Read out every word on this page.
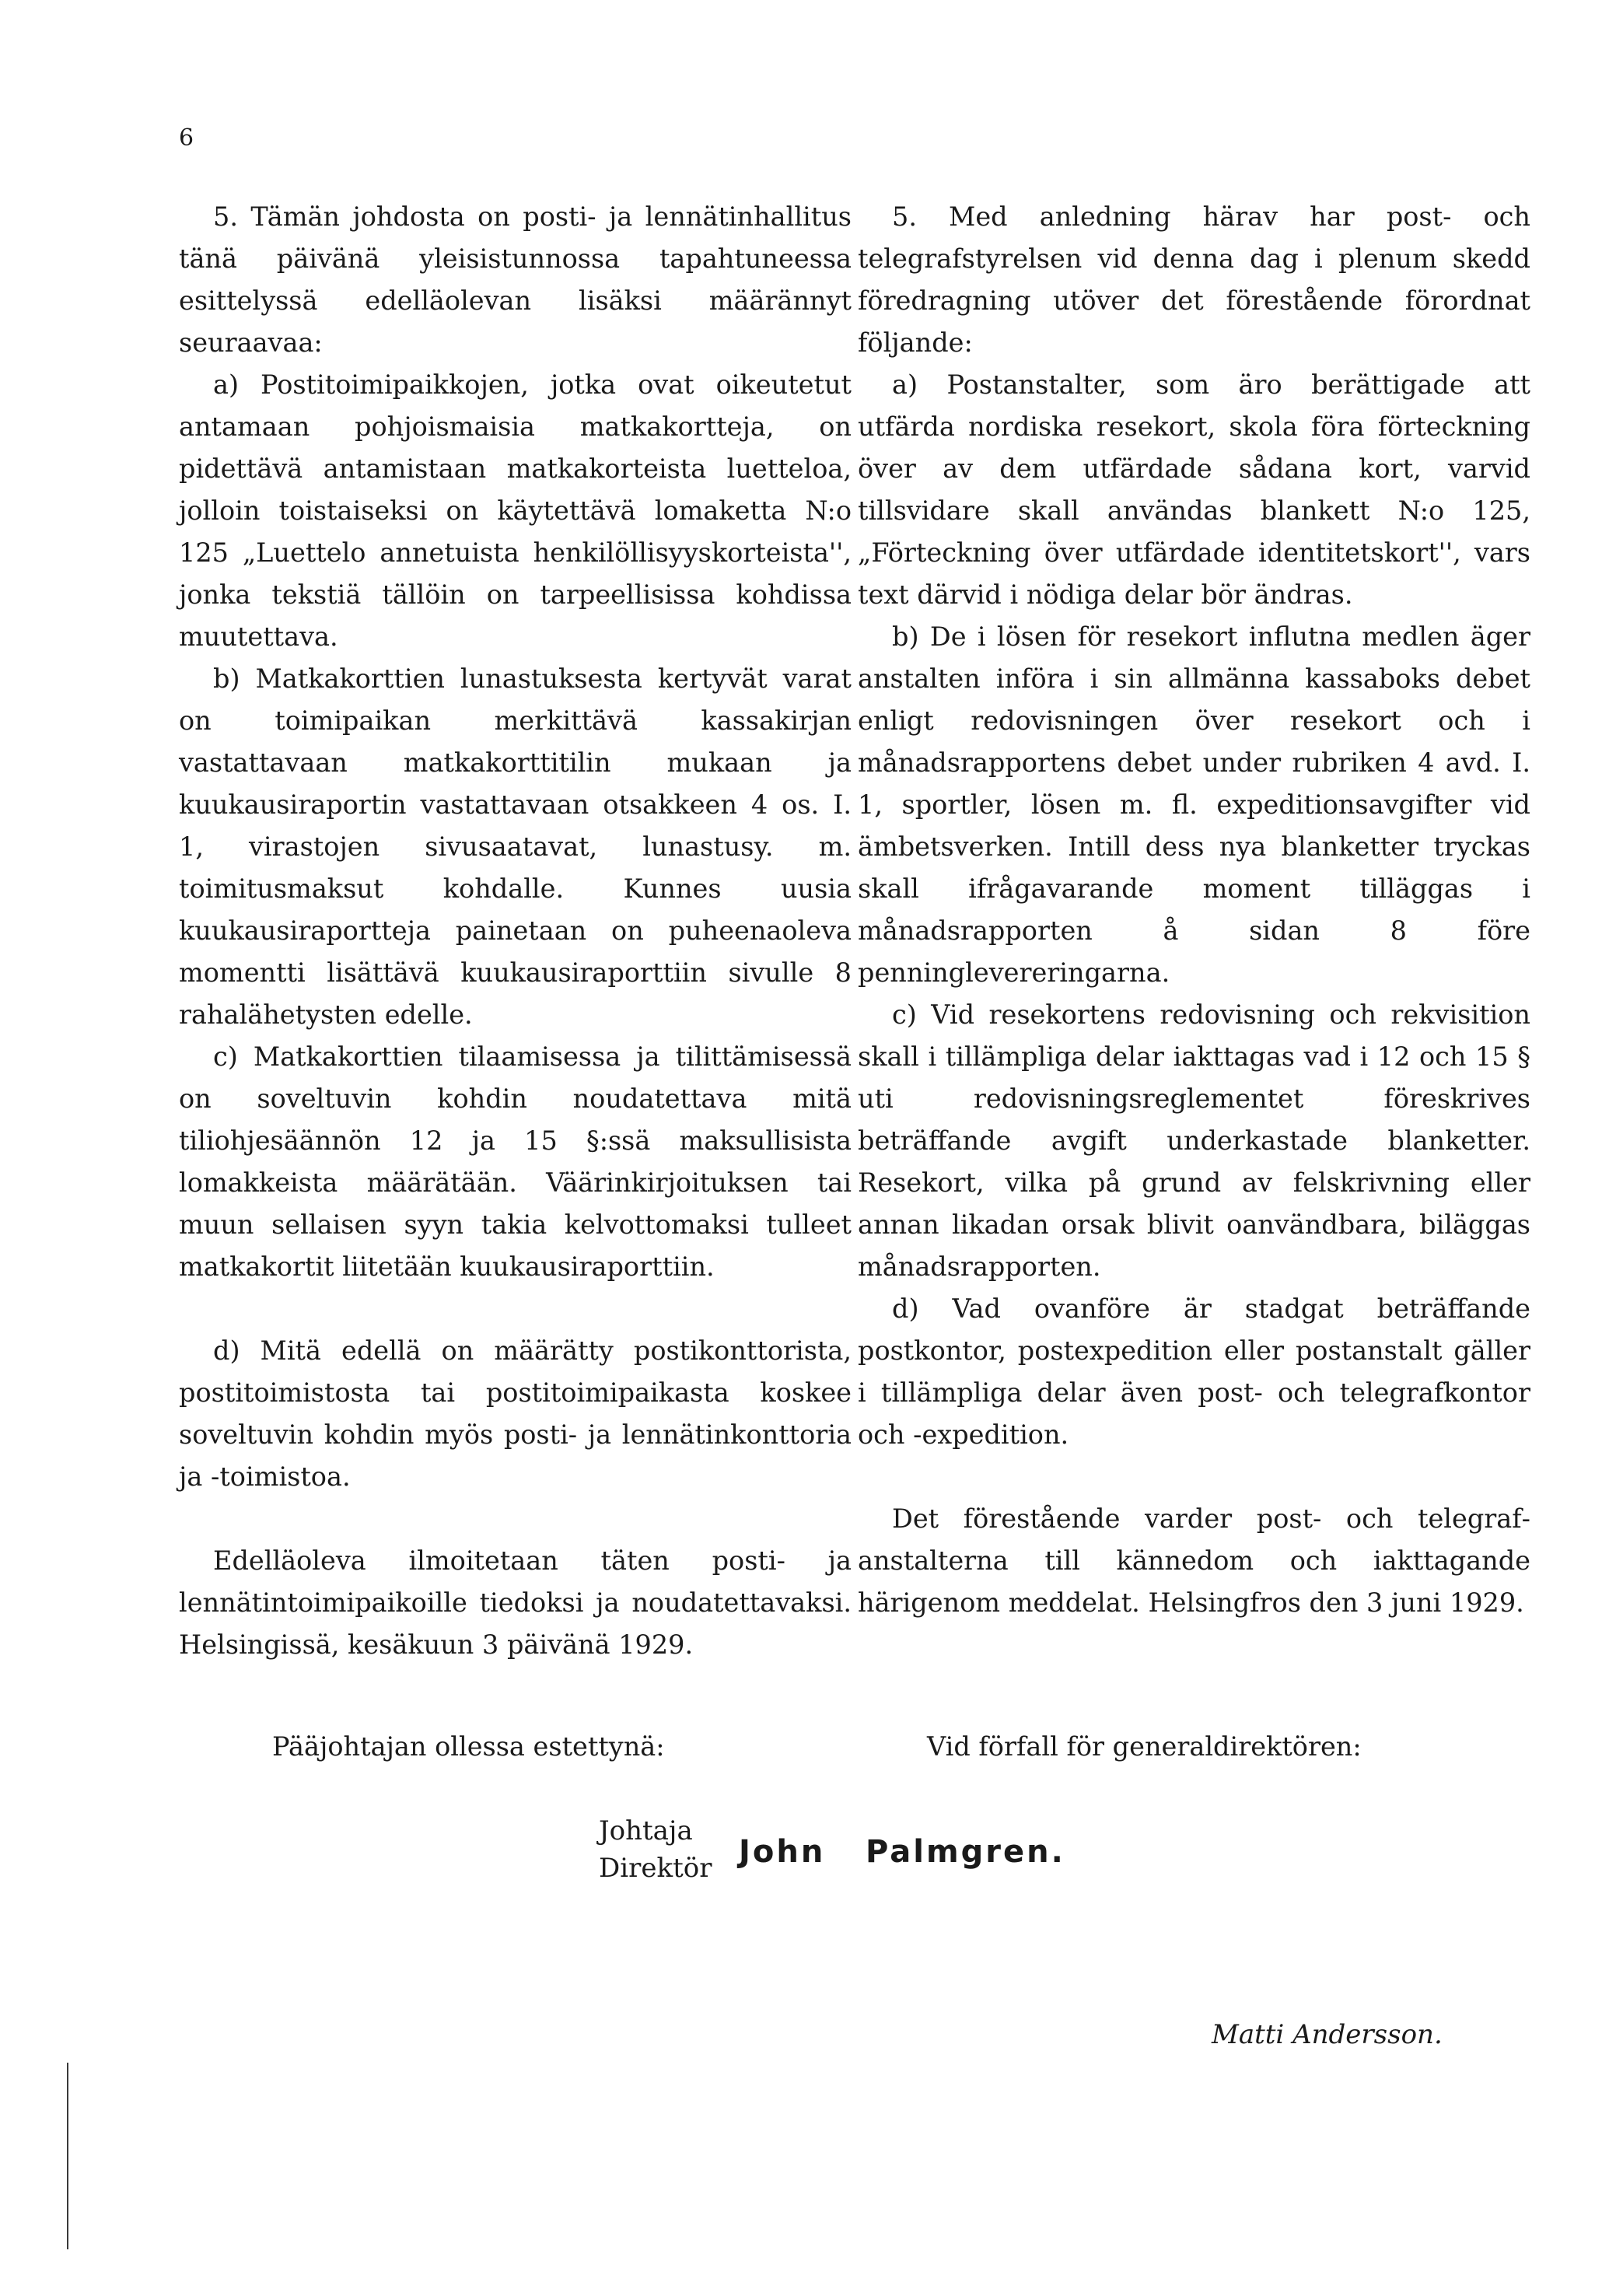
6

5. Tämän johdosta on posti- ja lennätinhallitus tänä päivänä yleisistunnossa tapahtuneessa esittelyssä edelläolevan lisäksi määrännyt seuraavaa:

a) Postitoimipaikkojen, jotka ovat oikeutetut antamaan pohjoismaisia matkakortteja, on pidettävä antamistaan matkakorteista luetteloa, jolloin toistaiseksi on käytettävä lomaketta N:o 125 „Luettelo annetuista henkilöllisyyskorteista'', jonka tekstiä tällöin on tarpeellisissa kohdissa muutettava.

b) Matkakorttien lunastuksesta kertyvät varat on toimipaikan merkittävä kassakirjan vastattavaan matkakorttitilin mukaan ja kuukausiraportin vastattavaan otsakkeen 4 os. I. 1, virastojen sivusaatavat, lunastusy. m. toimitusmaksut kohdalle. Kunnes uusia kuukausiraportteja painetaan on puheenaoleva momentti lisättävä kuukausiraporttiin sivulle 8 rahalähetysten edelle.

c) Matkakorttien tilaamisessa ja tilittämisessä on soveltuvin kohdin noudatettava mitä tiliohjesäännön 12 ja 15 §:ssä maksullisista lomakkeista määrätään. Väärinkirjoituksen tai muun sellaisen syyn takia kelvottomaksi tulleet matkakortit liitetään kuukausiraporttiin.

d) Mitä edellä on määrätty postikonttorista, postitoimistosta tai postitoimipaikasta koskee soveltuvin kohdin myös posti- ja lennätinkonttoria ja -toimistoa.

Edelläoleva ilmoitetaan täten posti- ja lennätintoimipaikoille tiedoksi ja noudatettavaksi. Helsingissä, kesäkuun 3 päivänä 1929.

5. Med anledning härav har post- och telegrafstyrelsen vid denna dag i plenum skedd föredragning utöver det förestående förordnat följande:

a) Postanstalter, som äro berättigade att utfärda nordiska resekort, skola föra förteckning över av dem utfärdade sådana kort, varvid tillsvidare skall användas blankett N:o 125, „Förteckning över utfärdade identitetskort'', vars text därvid i nödiga delar bör ändras.

b) De i lösen för resekort influtna medlen äger anstalten införa i sin allmänna kassaboks debet enligt redovisningen över resekort och i månadsrapportens debet under rubriken 4 avd. I. 1, sportler, lösen m. fl. expeditionsavgifter vid ämbetsverken. Intill dess nya blanketter tryckas skall ifrågavarande moment tilläggas i månadsrapporten å sidan 8 före penninglevereringarna.

c) Vid resekortens redovisning och rekvisition skall i tillämpliga delar iakttagas vad i 12 och 15 § uti redovisningsreglementet föreskrives beträffande avgift underkastade blanketter. Resekort, vilka på grund av felskrivning eller annan likadan orsak blivit oanvändbara, biläggas månadsrapporten.

d) Vad ovanföre är stadgat beträffande postkontor, postexpedition eller postanstalt gäller i tillämpliga delar även post- och telegrafkontor och -expedition.

Det förestående varder post- och telegrafanstalterna till kännedom och iakttagande härigenom meddelat. Helsingfros den 3 juni 1929.

Pääjohtajan ollessa estettynä:	Vid förfall för generaldirektören:
Johtaja
Direktör John Palmgren.
Matti Andersson.
